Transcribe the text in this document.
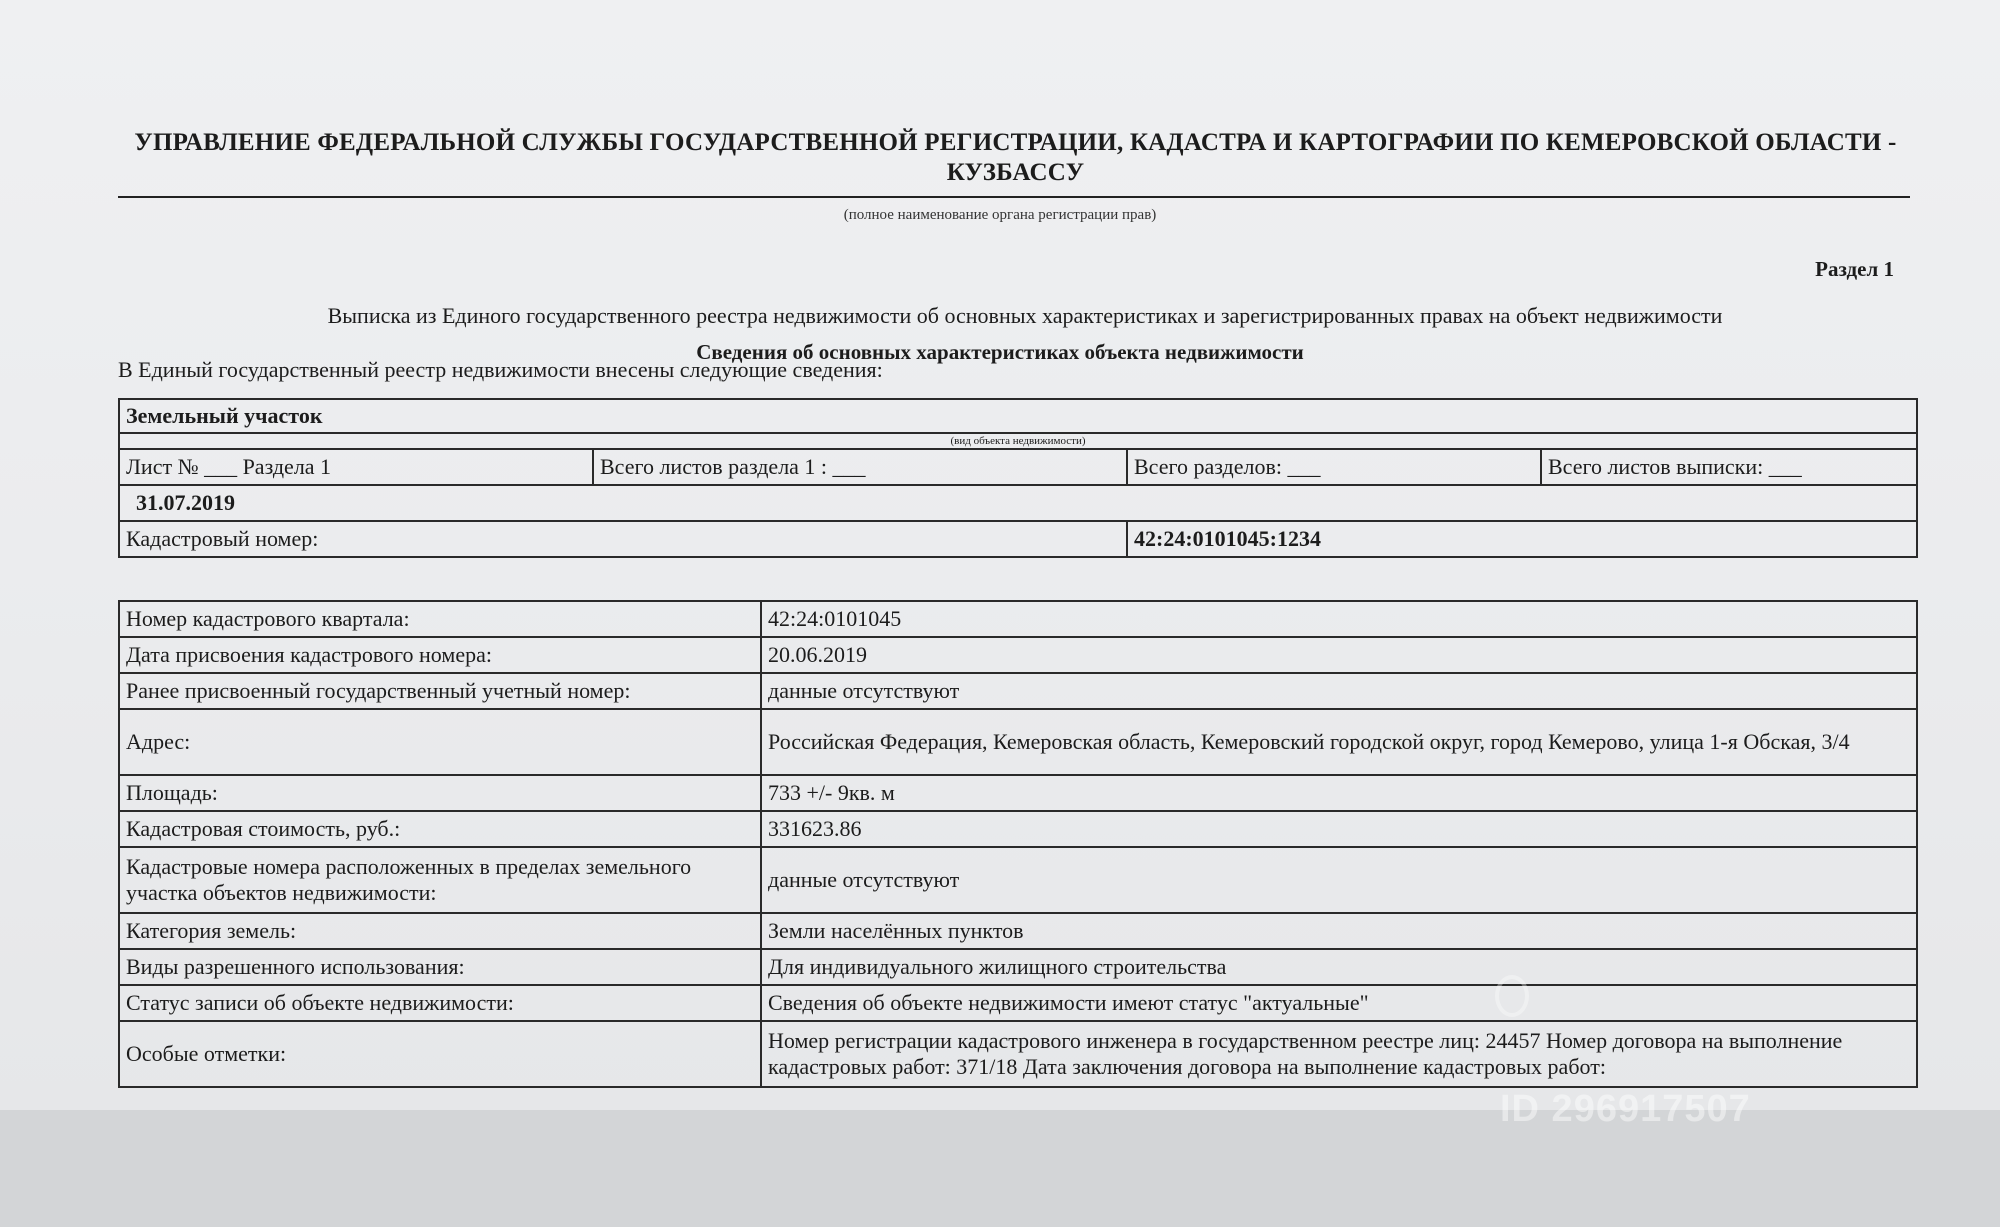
УПРАВЛЕНИЕ ФЕДЕРАЛЬНОЙ СЛУЖБЫ ГОСУДАРСТВЕННОЙ РЕГИСТРАЦИИ, КАДАСТРА И КАРТОГРАФИИ ПО КЕМЕРОВСКОЙ ОБЛАСТИ - КУЗБАССУ
(полное наименование органа регистрации прав)
Раздел 1
Выписка из Единого государственного реестра недвижимости об основных характеристиках и зарегистрированных правах на объект недвижимости
Сведения об основных характеристиках объекта недвижимости
В Единый государственный реестр недвижимости внесены следующие сведения:
Земельный участок			
(вид объекта недвижимости)			
Лист № ___ Раздела 1	Всего листов раздела 1 : ___	Всего разделов: ___	Всего листов выписки: ___
31.07.2019			
Кадастровый номер:		42:24:0101045:1234	
Номер кадастрового квартала:	42:24:0101045
Дата присвоения кадастрового номера:	20.06.2019
Ранее присвоенный государственный учетный номер:	данные отсутствуют
Адрес:	Российская Федерация, Кемеровская область, Кемеровский городской округ, город Кемерово, улица 1-я Обская, 3/4
Площадь:	733 +/- 9кв. м
Кадастровая стоимость, руб.:	331623.86
Кадастровые номера расположенных в пределах земельного участка объектов недвижимости:	данные отсутствуют
Категория земель:	Земли населённых пунктов
Виды разрешенного использования:	Для индивидуального жилищного строительства
Статус записи об объекте недвижимости:	Сведения об объекте недвижимости имеют статус "актуальные"
Особые отметки:	Номер регистрации кадастрового инженера в государственном реестре лиц: 24457 Номер договора на выполнение кадастровых работ: 371/18 Дата заключения договора на выполнение кадастровых работ:
ID 296917507
